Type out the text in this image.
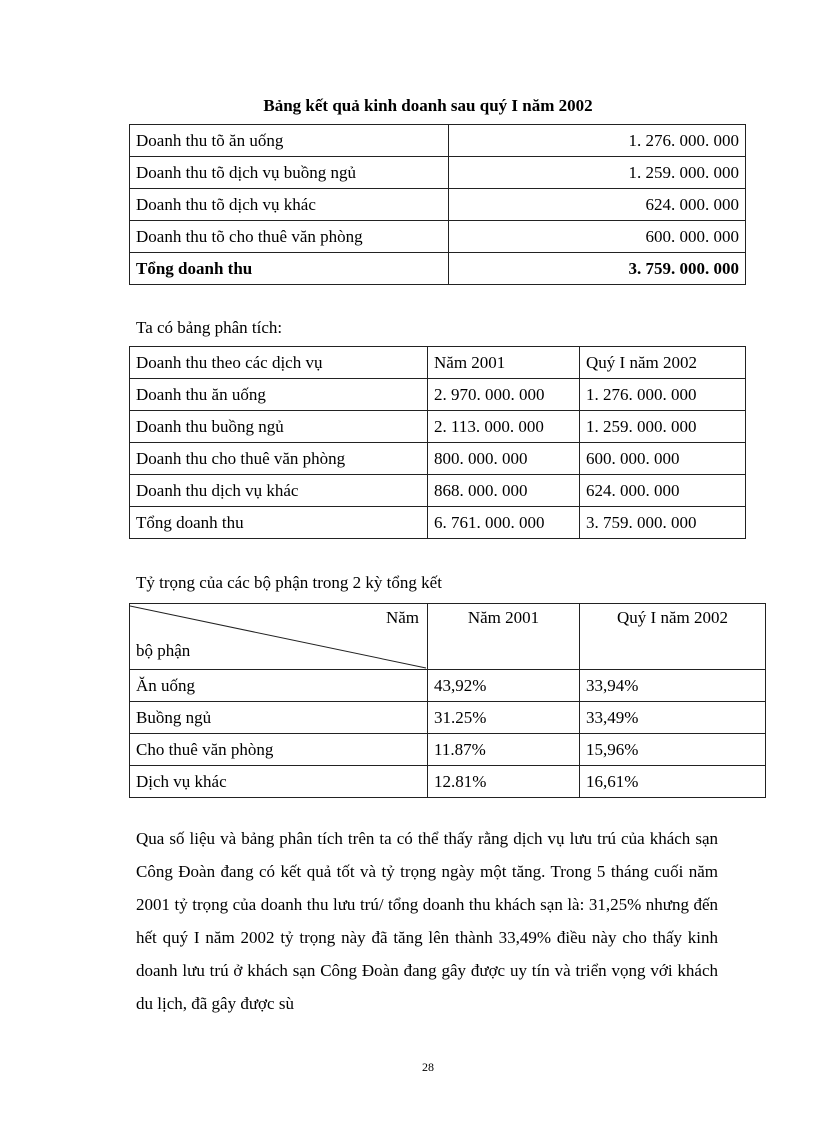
Bảng kết quả kinh doanh sau quý I năm 2002
Doanh thu tõ ăn uống	1. 276. 000. 000
Doanh thu tõ dịch vụ buồng ngủ	1. 259. 000. 000
Doanh thu tõ dịch vụ khác	624. 000. 000
Doanh thu tõ cho thuê văn phòng	600. 000. 000
Tổng doanh thu	3. 759. 000. 000
Ta có bảng phân tích:
Doanh thu theo các dịch vụ	Năm 2001	Quý I năm 2002
Doanh thu ăn uống	2. 970. 000. 000	1. 276. 000. 000
Doanh thu buồng ngủ	2. 113. 000. 000	1. 259. 000. 000
Doanh thu cho thuê văn phòng	800. 000. 000	600. 000. 000
Doanh thu dịch vụ khác	868. 000. 000	624. 000. 000
Tổng doanh thu	6. 761. 000. 000	3. 759. 000. 000
Tỷ trọng của các bộ phận trong 2 kỳ tổng kết
Năm
bộ phận	Năm 2001	Quý I năm 2002
Ăn uống	43,92%	33,94%
Buồng ngủ	31.25%	33,49%
Cho thuê văn phòng	11.87%	15,96%
Dịch vụ khác	12.81%	16,61%

Qua số liệu và bảng phân tích trên ta có thể thấy rằng dịch vụ lưu trú của khách sạn Công Đoàn đang có kết quả tốt và tỷ trọng ngày một tăng. Trong 5 tháng cuối năm 2001 tỷ trọng của doanh thu lưu trú/ tổng doanh thu khách sạn là: 31,25% nhưng đến hết quý I năm 2002 tỷ trọng này đã tăng lên thành 33,49% điều này cho thấy kinh doanh lưu trú ở khách sạn Công Đoàn đang gây được uy tín và triển vọng với khách du lịch, đã gây được sù

28
